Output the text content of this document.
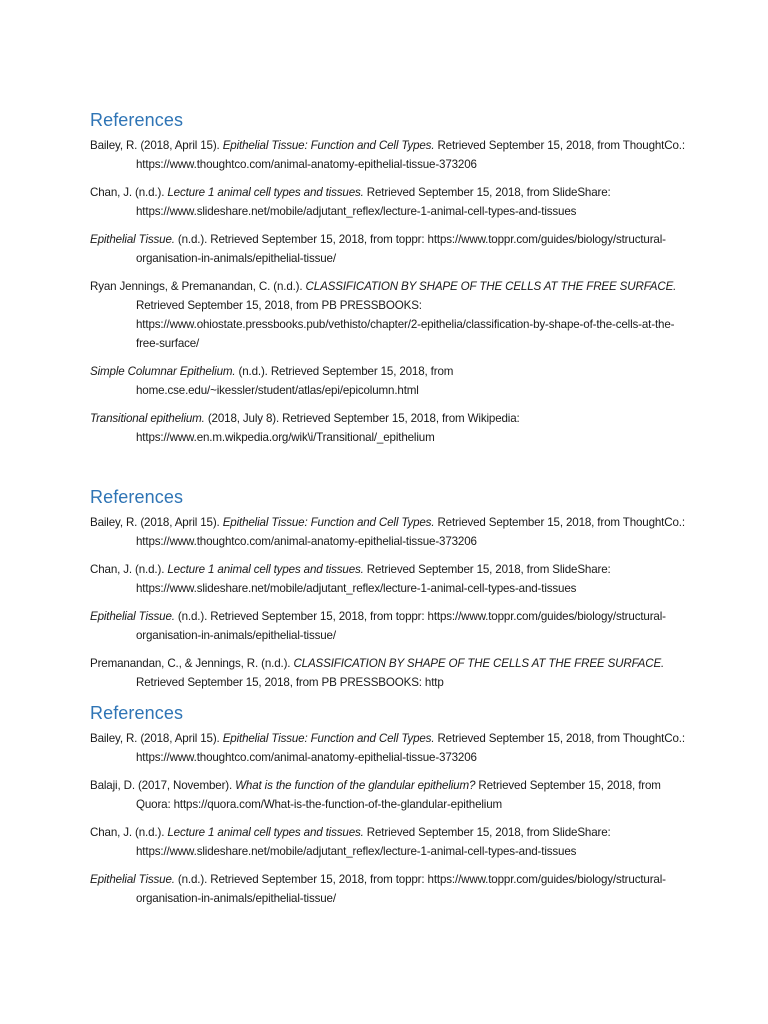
References

Bailey, R. (2018, April 15). Epithelial Tissue: Function and Cell Types. Retrieved September 15, 2018, from ThoughtCo.: https://www.thoughtco.com/animal-anatomy-epithelial-tissue-373206

Chan, J. (n.d.). Lecture 1 animal cell types and tissues. Retrieved September 15, 2018, from SlideShare: https://www.slideshare.net/mobile/adjutant_reflex/lecture-1-animal-cell-types-and-tissues

Epithelial Tissue. (n.d.). Retrieved September 15, 2018, from toppr: https://www.toppr.com/guides/biology/structural-organisation-in-animals/epithelial-tissue/

Ryan Jennings, & Premanandan, C. (n.d.). CLASSIFICATION BY SHAPE OF THE CELLS AT THE FREE SURFACE. Retrieved September 15, 2018, from PB PRESSBOOKS: https://www.ohiostate.pressbooks.pub/vethisto/chapter/2-epithelia/classification-by-shape-of-the-cells-at-the-free-surface/

Simple Columnar Epithelium. (n.d.). Retrieved September 15, 2018, from home.cse.edu/~ikessler/student/atlas/epi/epicolumn.html

Transitional epithelium. (2018, July 8). Retrieved September 15, 2018, from Wikipedia: https://www.en.m.wikpedia.org/wik\i/Transitional/_epithelium

References

Bailey, R. (2018, April 15). Epithelial Tissue: Function and Cell Types. Retrieved September 15, 2018, from ThoughtCo.: https://www.thoughtco.com/animal-anatomy-epithelial-tissue-373206

Chan, J. (n.d.). Lecture 1 animal cell types and tissues. Retrieved September 15, 2018, from SlideShare: https://www.slideshare.net/mobile/adjutant_reflex/lecture-1-animal-cell-types-and-tissues

Epithelial Tissue. (n.d.). Retrieved September 15, 2018, from toppr: https://www.toppr.com/guides/biology/structural-organisation-in-animals/epithelial-tissue/

Premanandan, C., & Jennings, R. (n.d.). CLASSIFICATION BY SHAPE OF THE CELLS AT THE FREE SURFACE. Retrieved September 15, 2018, from PB PRESSBOOKS: http

References

Bailey, R. (2018, April 15). Epithelial Tissue: Function and Cell Types. Retrieved September 15, 2018, from ThoughtCo.: https://www.thoughtco.com/animal-anatomy-epithelial-tissue-373206

Balaji, D. (2017, November). What is the function of the glandular epithelium? Retrieved September 15, 2018, from Quora: https://quora.com/What-is-the-function-of-the-glandular-epithelium

Chan, J. (n.d.). Lecture 1 animal cell types and tissues. Retrieved September 15, 2018, from SlideShare: https://www.slideshare.net/mobile/adjutant_reflex/lecture-1-animal-cell-types-and-tissues

Epithelial Tissue. (n.d.). Retrieved September 15, 2018, from toppr: https://www.toppr.com/guides/biology/structural-organisation-in-animals/epithelial-tissue/
